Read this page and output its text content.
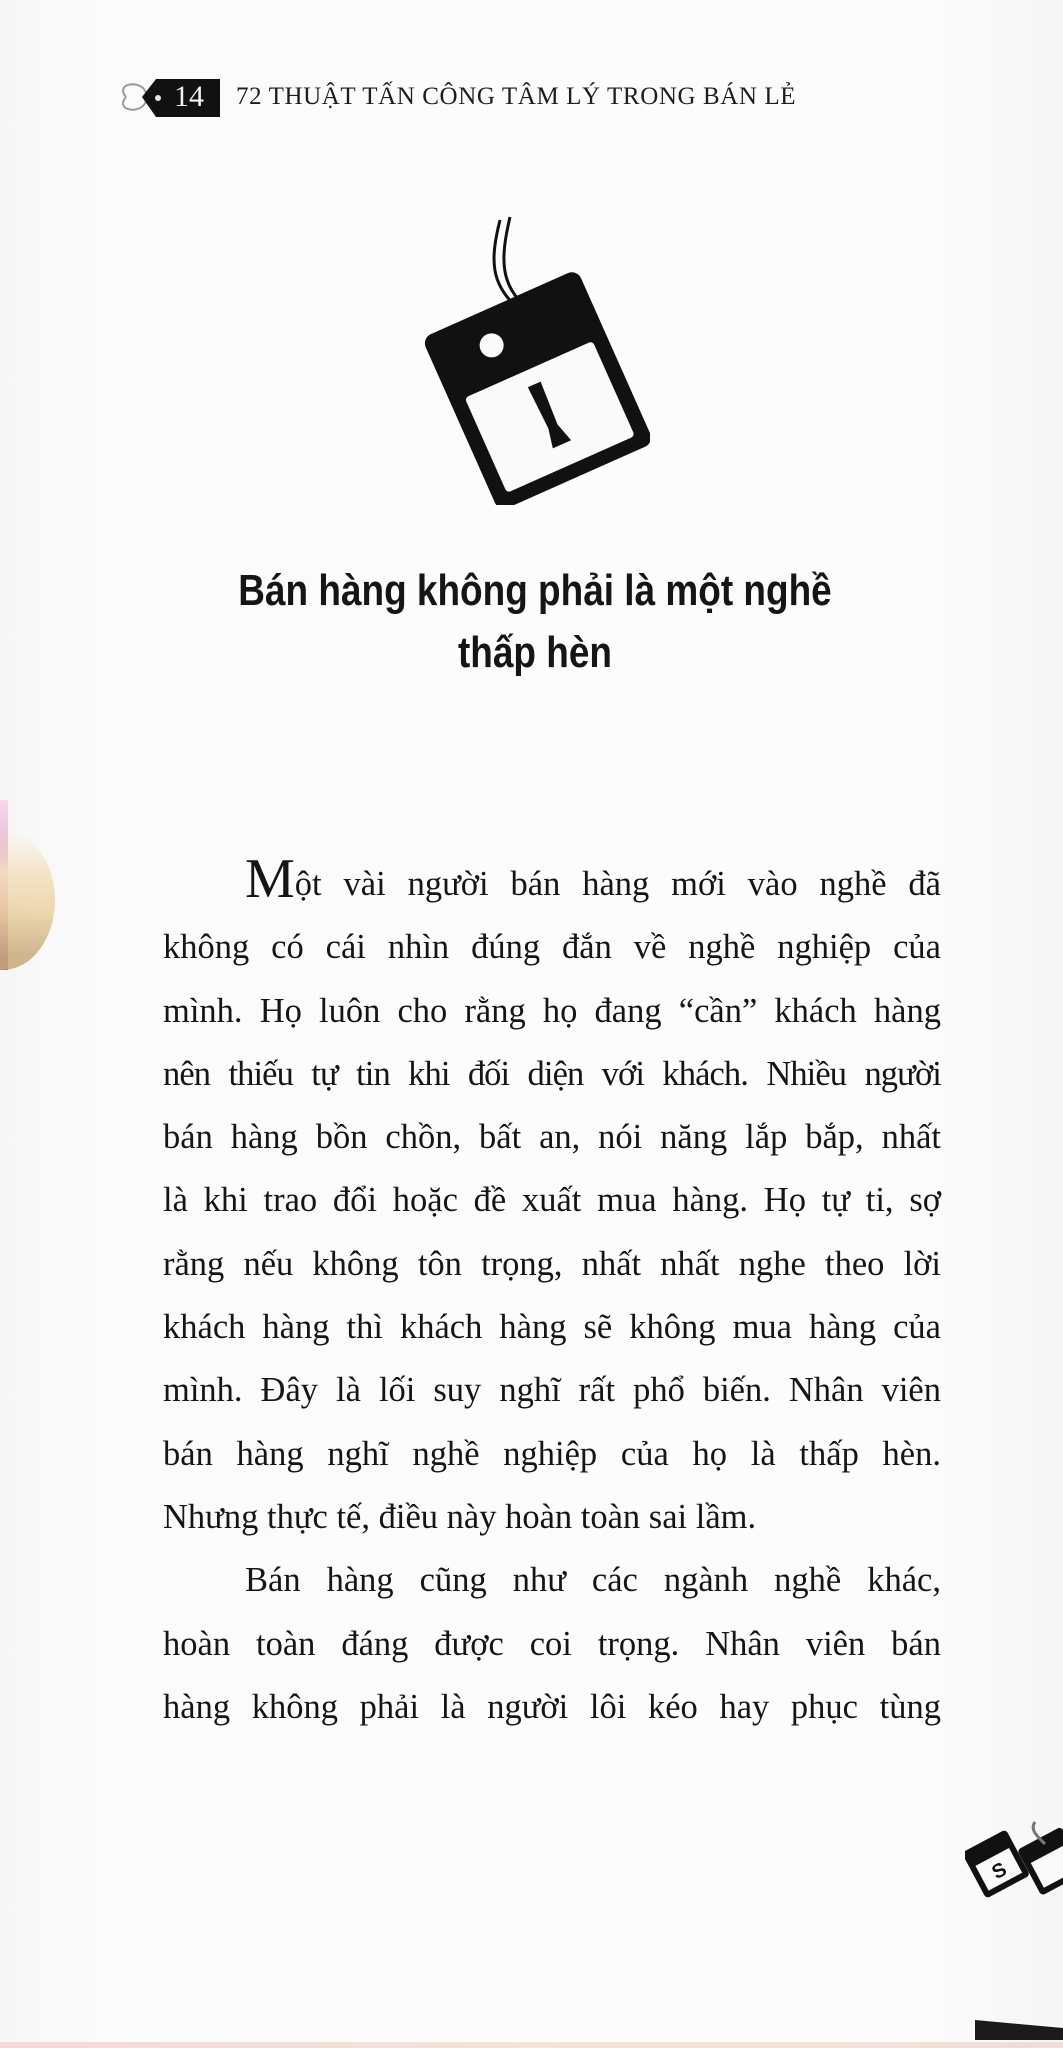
14 72 THUẬT TẤN CÔNG TÂM LÝ TRONG BÁN LẺ
Bán hàng không phải là một nghề
thấp hèn
Một vài người bán hàng mới vào nghề đã
không có cái nhìn đúng đắn về nghề nghiệp của
mình. Họ luôn cho rằng họ đang “cần” khách hàng
nên thiếu tự tin khi đối diện với khách. Nhiều người
bán hàng bồn chồn, bất an, nói năng lắp bắp, nhất
là khi trao đổi hoặc đề xuất mua hàng. Họ tự ti, sợ
rằng nếu không tôn trọng, nhất nhất nghe theo lời
khách hàng thì khách hàng sẽ không mua hàng của
mình. Đây là lối suy nghĩ rất phổ biến. Nhân viên
bán hàng nghĩ nghề nghiệp của họ là thấp hèn.
Nhưng thực tế, điều này hoàn toàn sai lầm.
Bán hàng cũng như các ngành nghề khác,
hoàn toàn đáng được coi trọng. Nhân viên bán
hàng không phải là người lôi kéo hay phục tùng
S
